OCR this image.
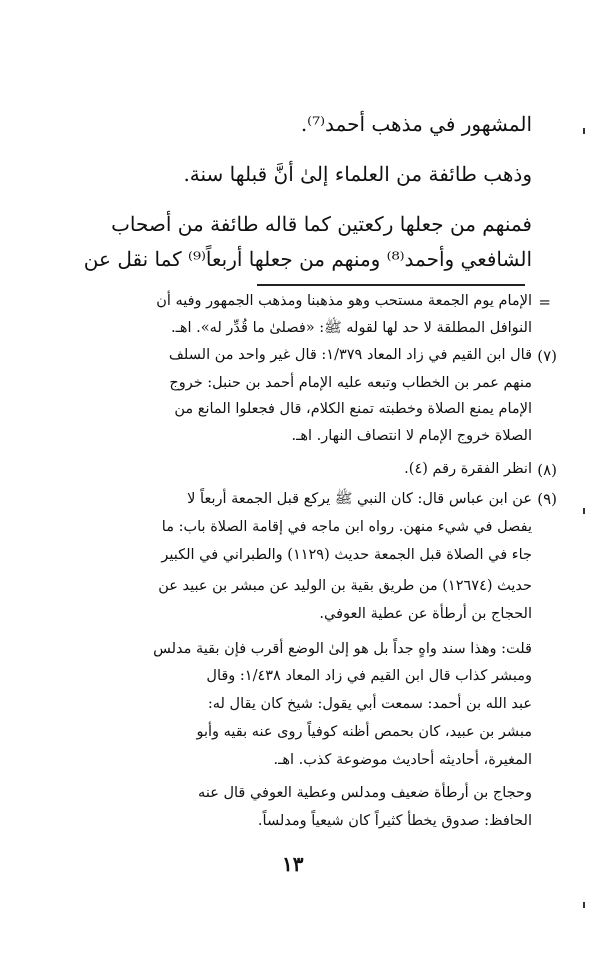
المشهور في مذهب أحمد⁽⁷⁾.
وذهب طائفة من العلماء إلىٰ أنَّ قبلها سنة.
فمنهم من جعلها ركعتين كما قاله طائفة من أصحاب
الشافعي وأحمد⁽⁸⁾ ومنهم من جعلها أربعاً⁽⁹⁾ كما نقل عن
=
الإمام يوم الجمعة مستحب وهو مذهبنا ومذهب الجمهور وفيه أن
النوافل المطلقة لا حد لها لقوله ﷺ: «فصلىٰ ما قُدِّر له». اهـ.
(٧)
قال ابن القيم في زاد المعاد ١/٣٧٩: قال غير واحد من السلف
منهم عمر بن الخطاب وتبعه عليه الإمام أحمد بن حنبل: خروج
الإمام يمنع الصلاة وخطبته تمنع الكلام، قال فجعلوا المانع من
الصلاة خروج الإمام لا انتصاف النهار. اهـ.
(٨)
انظر الفقرة رقم (٤).
(٩)
عن ابن عباس قال: كان النبي ﷺ يركع قبل الجمعة أربعاً لا
يفصل في شيء منهن. رواه ابن ماجه في إقامة الصلاة باب: ما
جاء في الصلاة قبل الجمعة حديث (١١٢٩) والطبراني في الكبير
حديث (١٢٦٧٤) من طريق بقية بن الوليد عن مبشر بن عبيد عن
الحجاج بن أرطأة عن عطية العوفي.
قلت: وهذا سند واهٍ جداً بل هو إلىٰ الوضع أقرب فإن بقية مدلس
ومبشر كذاب قال ابن القيم في زاد المعاد ١/٤٣٨: وقال
عبد الله بن أحمد: سمعت أبي يقول: شيخ كان يقال له:
مبشر بن عبيد، كان بحمص أظنه كوفياً روى عنه بقيه وأبو
المغيرة، أحاديثه أحاديث موضوعة كذب. اهـ.
وحجاج بن أرطأة ضعيف ومدلس وعطية العوفي قال عنه
الحافظ: صدوق يخطأ كثيراً كان شيعياً ومدلساً.
١٣
